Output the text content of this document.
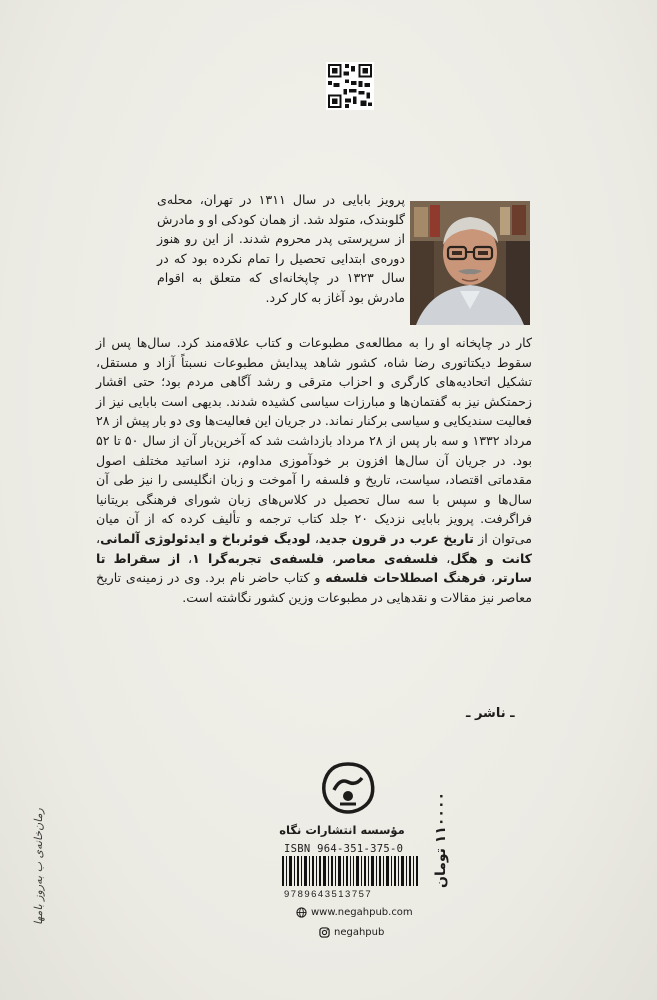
پرویز بابایی در سال ۱۳۱۱ در تهران، محله‌ی گلوبندک، متولد شد. از همان کودکی او و مادرش از سرپرستی پدر محروم شدند. از این رو هنوز دوره‌ی ابتدایی تحصیل را تمام نکرده بود که در سال ۱۳۲۳ در چاپخانه‌ای که متعلق به اقوام مادرش بود آغاز به کار کرد.
کار در چاپخانه او را به مطالعه‌ی مطبوعات و کتاب علاقه‌مند کرد. سال‌ها پس از سقوط دیکتاتوری رضا شاه، کشور شاهد پیدایش مطبوعات نسبتاً آزاد و مستقل، تشکیل اتحادیه‌های کارگری و احزاب مترقی و رشد آگاهی مردم بود؛ حتی اقشار زحمتکش نیز به گفتمان‌ها و مبارزات سیاسی کشیده شدند. بدیهی است بابایی نیز از فعالیت سندیکایی و سیاسی برکنار نماند. در جریان این فعالیت‌ها وی دو بار پیش از ۲۸ مرداد ۱۳۳۲ و سه بار پس از ۲۸ مرداد بازداشت شد که آخرین‌بار آن از سال ۵۰ تا ۵۲ بود. در جریان آن سال‌ها افزون بر خودآموزی مداوم، نزد اساتید مختلف اصول مقدماتی اقتصاد، سیاست، تاریخ و فلسفه را آموخت و زبان انگلیسی را نیز طی آن سال‌ها و سپس با سه سال تحصیل در کلاس‌های زبان شورای فرهنگی بریتانیا فراگرفت. پرویز بابایی نزدیک ۲۰ جلد کتاب ترجمه و تألیف کرده که از آن میان می‌توان از تاریخ عرب در قرون جدید، لودیگ فوئرباخ و ایدئولوژی آلمانی، کانت و هگل، فلسفه‌ی معاصر، فلسفه‌ی تجربه‌گرا ۱، از سقراط تا سارتر، فرهنگ اصطلاحات فلسفه و کتاب حاضر نام برد. وی در زمینه‌ی تاریخ معاصر نیز مقالات و نقدهایی در مطبوعات وزین کشور نگاشته است.
ـ ناشر ـ
مؤسسه انتشارات نگاه
ISBN 964-351-375-0
9789643513757
www.negahpub.com
negahpub
۱۱۰۰۰۰ تومان
رمان‌خانه‌ی ب به‌روز بامها
